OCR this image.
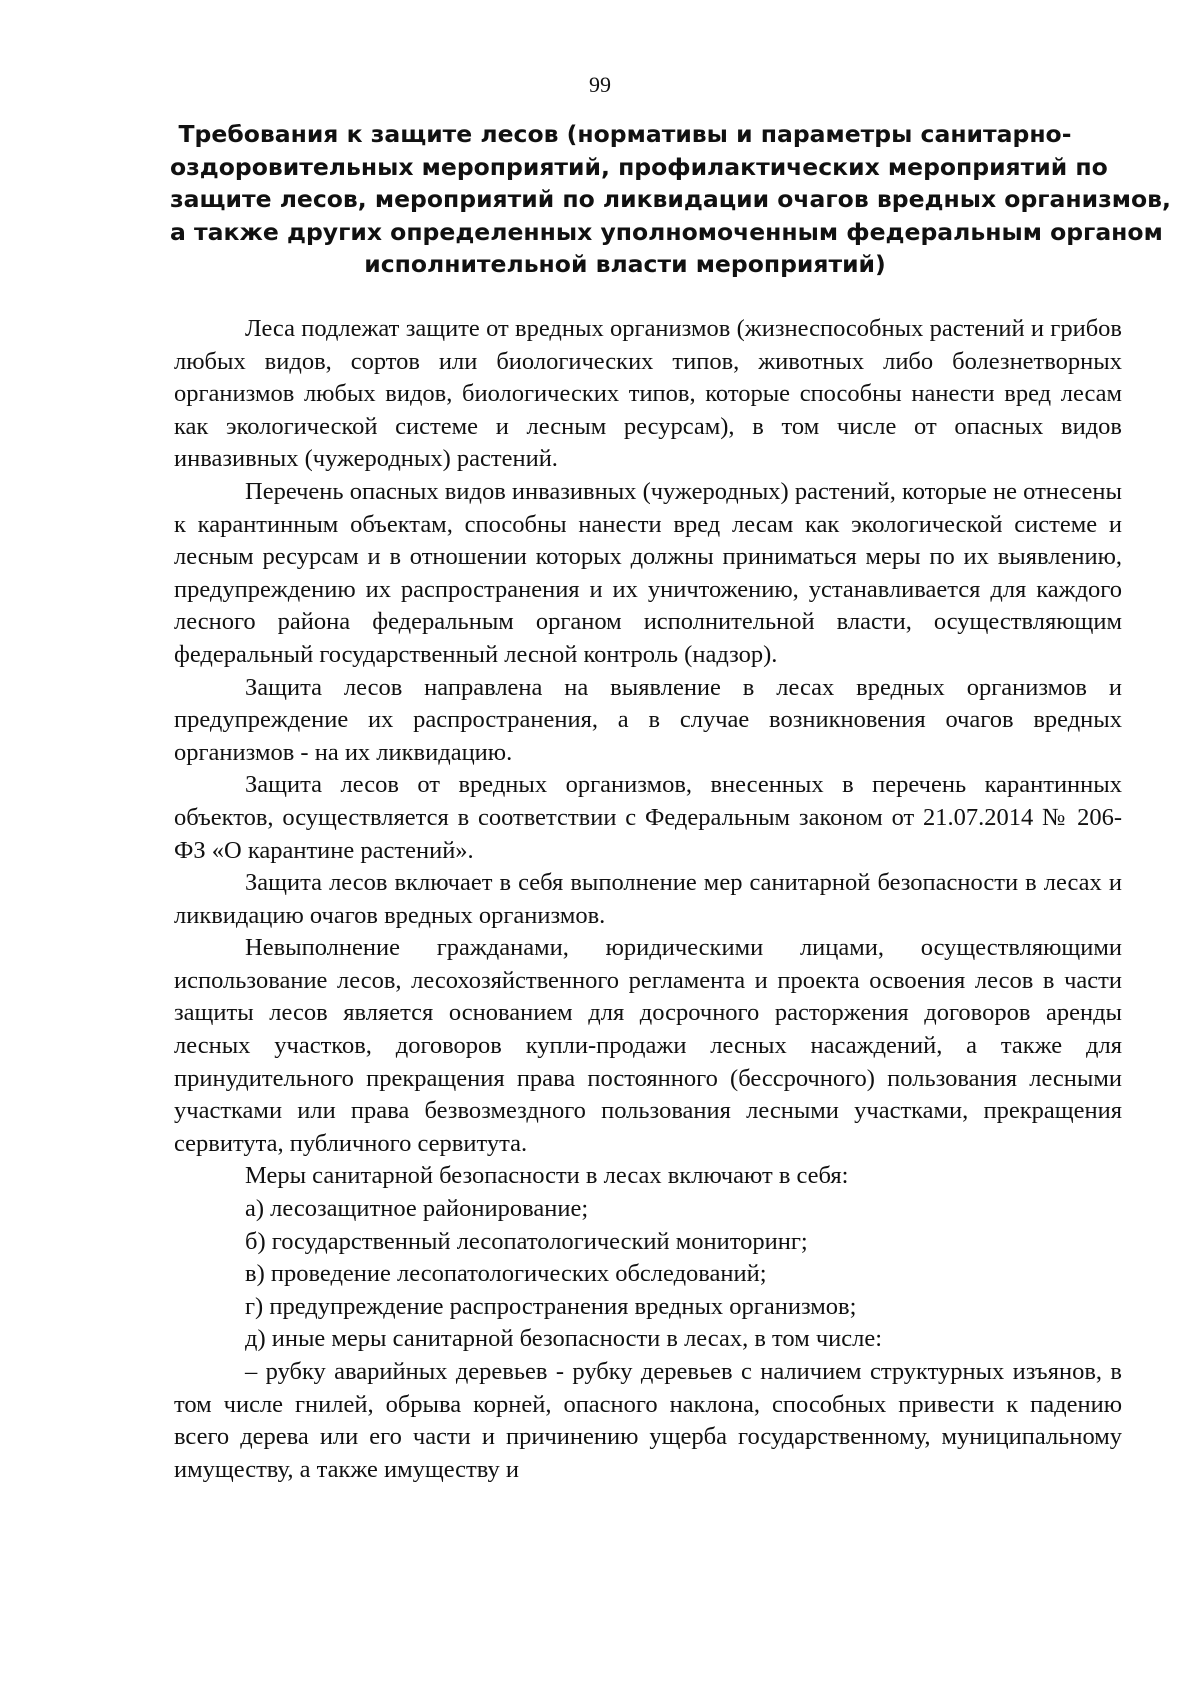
99
Требования к защите лесов (нормативы и параметры санитарно-
оздоровительных мероприятий, профилактических мероприятий по
защите лесов, мероприятий по ликвидации очагов вредных организмов,
а также других определенных уполномоченным федеральным органом
исполнительной власти мероприятий)

Леса подлежат защите от вредных организмов (жизнеспособных растений и грибов любых видов, сортов или биологических типов, животных либо болезнетворных организмов любых видов, биологических типов, которые способны нанести вред лесам как экологической системе и лесным ресурсам), в том числе от опасных видов инвазивных (чужеродных) растений.

Перечень опасных видов инвазивных (чужеродных) растений, которые не отнесены к карантинным объектам, способны нанести вред лесам как экологической системе и лесным ресурсам и в отношении которых должны приниматься меры по их выявлению, предупреждению их распространения и их уничтожению, устанавливается для каждого лесного района федеральным органом исполнительной власти, осуществляющим федеральный государственный лесной контроль (надзор).

Защита лесов направлена на выявление в лесах вредных организмов и предупреждение их распространения, а в случае возникновения очагов вредных организмов - на их ликвидацию.

Защита лесов от вредных организмов, внесенных в перечень карантинных объектов, осуществляется в соответствии с Федеральным законом от 21.07.2014 № 206-ФЗ «О карантине растений».

Защита лесов включает в себя выполнение мер санитарной безопасности в лесах и ликвидацию очагов вредных организмов.

Невыполнение гражданами, юридическими лицами, осуществляющими использование лесов, лесохозяйственного регламента и проекта освоения лесов в части защиты лесов является основанием для досрочного расторжения договоров аренды лесных участков, договоров купли-продажи лесных насаждений, а также для принудительного прекращения права постоянного (бессрочного) пользования лесными участками или права безвозмездного пользования лесными участками, прекращения сервитута, публичного сервитута.

Меры санитарной безопасности в лесах включают в себя:

а) лесозащитное районирование;

б) государственный лесопатологический мониторинг;

в) проведение лесопатологических обследований;

г) предупреждение распространения вредных организмов;

д) иные меры санитарной безопасности в лесах, в том числе:

– рубку аварийных деревьев - рубку деревьев с наличием структурных изъянов, в том числе гнилей, обрыва корней, опасного наклона, способных привести к падению всего дерева или его части и причинению ущерба государственному, муниципальному имуществу, а также имуществу и
